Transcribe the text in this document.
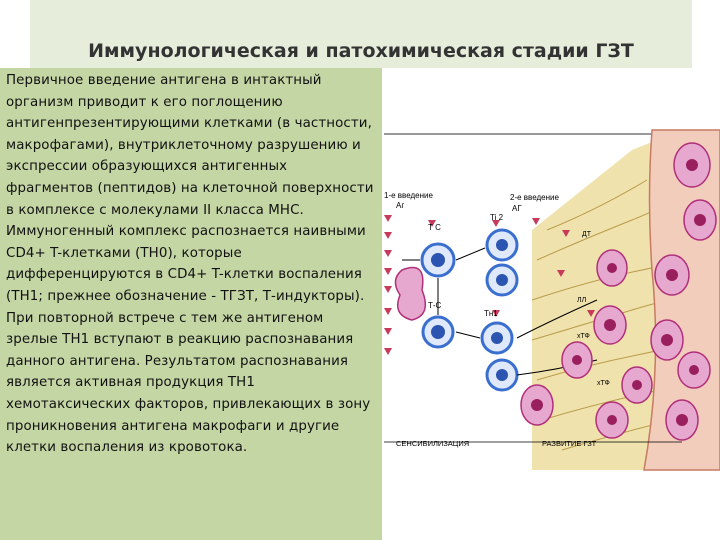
Иммунологическая и патохимическая стадии ГЗТ
Первичное введение антигена в интактный организм приводит к его поглощению антигенпрезентирующими клетками (в частности, макрофагами), внутриклеточному разрушению и экспрессии образующихся антигенных фрагментов (пептидов) на клеточной поверхности в комплексе с молекулами II класса МНС. Иммуногенный комплекс распознается наивными CD4+ T-клетками (ТН0), которые дифференцируются в CD4+ T-клетки воспаления (ТН1; прежнее обозначение - ТГЗТ, Т-индукторы). При повторной встрече с тем же антигеном зрелые ТН1 вступают в реакцию распознавания данного антигена. Результатом распознавания является активная продукция ТН1 хемотаксических факторов, привлекающих в зону проникновения антигена макрофаги и другие клетки воспаления из кровотока.
1-е введение
Аг
2-е введение
АГ
Т С
Т-С
Ti 2
Тн1
ДТ
ЛЛ
хТФ
хТФ
СЕНСИБИЛИЗАЦИЯ	РАЗВИТИЕ ГЗТ
